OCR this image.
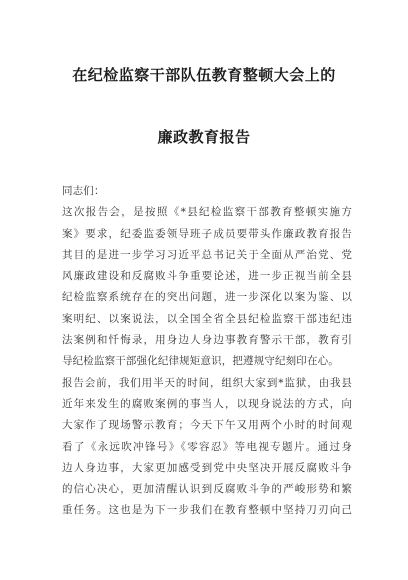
在纪检监察干部队伍教育整顿大会上的
廉政教育报告
同志们：
这次报告会，是按照《*县纪检监察干部教育整顿实施方
案》要求，纪委监委领导班子成员要带头作廉政教育报告
其目的是进一步学习习近平总书记关于全面从严治党、党
风廉政建设和反腐败斗争重要论述，进一步正视当前全县
纪检监察系统存在的突出问题，进一步深化以案为鉴、以
案明纪、以案说法，以全国全省全县纪检监察干部违纪违
法案例和忏悔录，用身边人身边事教育警示干部，教育引
导纪检监察干部强化纪律规矩意识，把遵规守纪刻印在心。
报告会前，我们用半天的时间，组织大家到*监狱，由我县
近年来发生的腐败案例的事当人，以现身说法的方式，向
大家作了现场警示教育；今天下午又用两个小时的时间观
看了《永远吹冲锋号》《零容忍》等电视专题片。通过身
边人身边事，大家更加感受到党中央坚决开展反腐败斗争
的信心决心，更加清醒认识到反腐败斗争的严峻形势和繁
重任务。这也是为下一步我们在教育整顿中坚持刀刃向己
